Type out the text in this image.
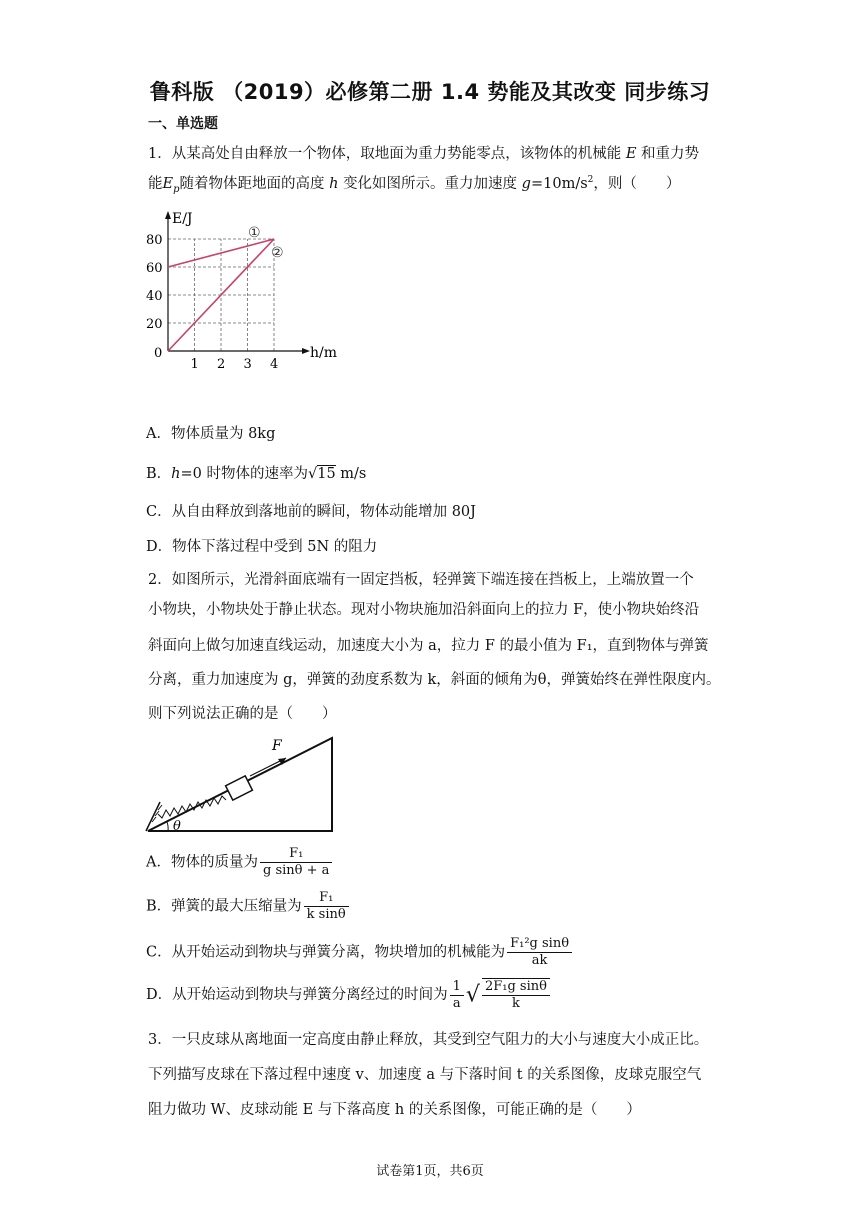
鲁科版 （2019）必修第二册 1.4 势能及其改变 同步练习
一、单选题
1．从某高处自由释放一个物体，取地面为重力势能零点，该物体的机械能 E 和重力势
能$E_p$随着物体距地面的高度 h 变化如图所示。重力加速度 $g=10m/s^2$，则（　　）
E/J
h/m
0
1 2 3 4
20
40
60
80	①
②
A．物体质量为 8kg
B．h=0 时物体的速率为√15 m/s
C．从自由释放到落地前的瞬间，物体动能增加 80J
D．物体下落过程中受到 5N 的阻力
2．如图所示，光滑斜面底端有一固定挡板，轻弹簧下端连接在挡板上，上端放置一个
小物块，小物块处于静止状态。现对小物块施加沿斜面向上的拉力 F，使小物块始终沿
斜面向上做匀加速直线运动，加速度大小为 a，拉力 F 的最小值为 F₁，直到物体与弹簧
分离，重力加速度为 g，弹簧的劲度系数为 k，斜面的倾角为θ，弹簧始终在弹性限度内。
则下列说法正确的是（　　）
F
θ
A．物体的质量为 $\frac{\text{F₁}}{\text{g sinθ + a}}$
B．弹簧的最大压缩量为 $\frac{\text{F₁}}{\text{k sinθ}}$
C．从开始运动到物块与弹簧分离，物块增加的机械能为 $\frac{\text{F₁²g sinθ}}{ak}$
D．从开始运动到物块与弹簧分离经过的时间为 $\frac{1}{a}$ √ $\frac{\text{2F₁g sinθ}}{k}$
3．一只皮球从离地面一定高度由静止释放，其受到空气阻力的大小与速度大小成正比。
下列描写皮球在下落过程中速度 v、加速度 a 与下落时间 t 的关系图像，皮球克服空气
阻力做功 W、皮球动能 E 与下落高度 h 的关系图像，可能正确的是（　　）
试卷第1页，共6页
